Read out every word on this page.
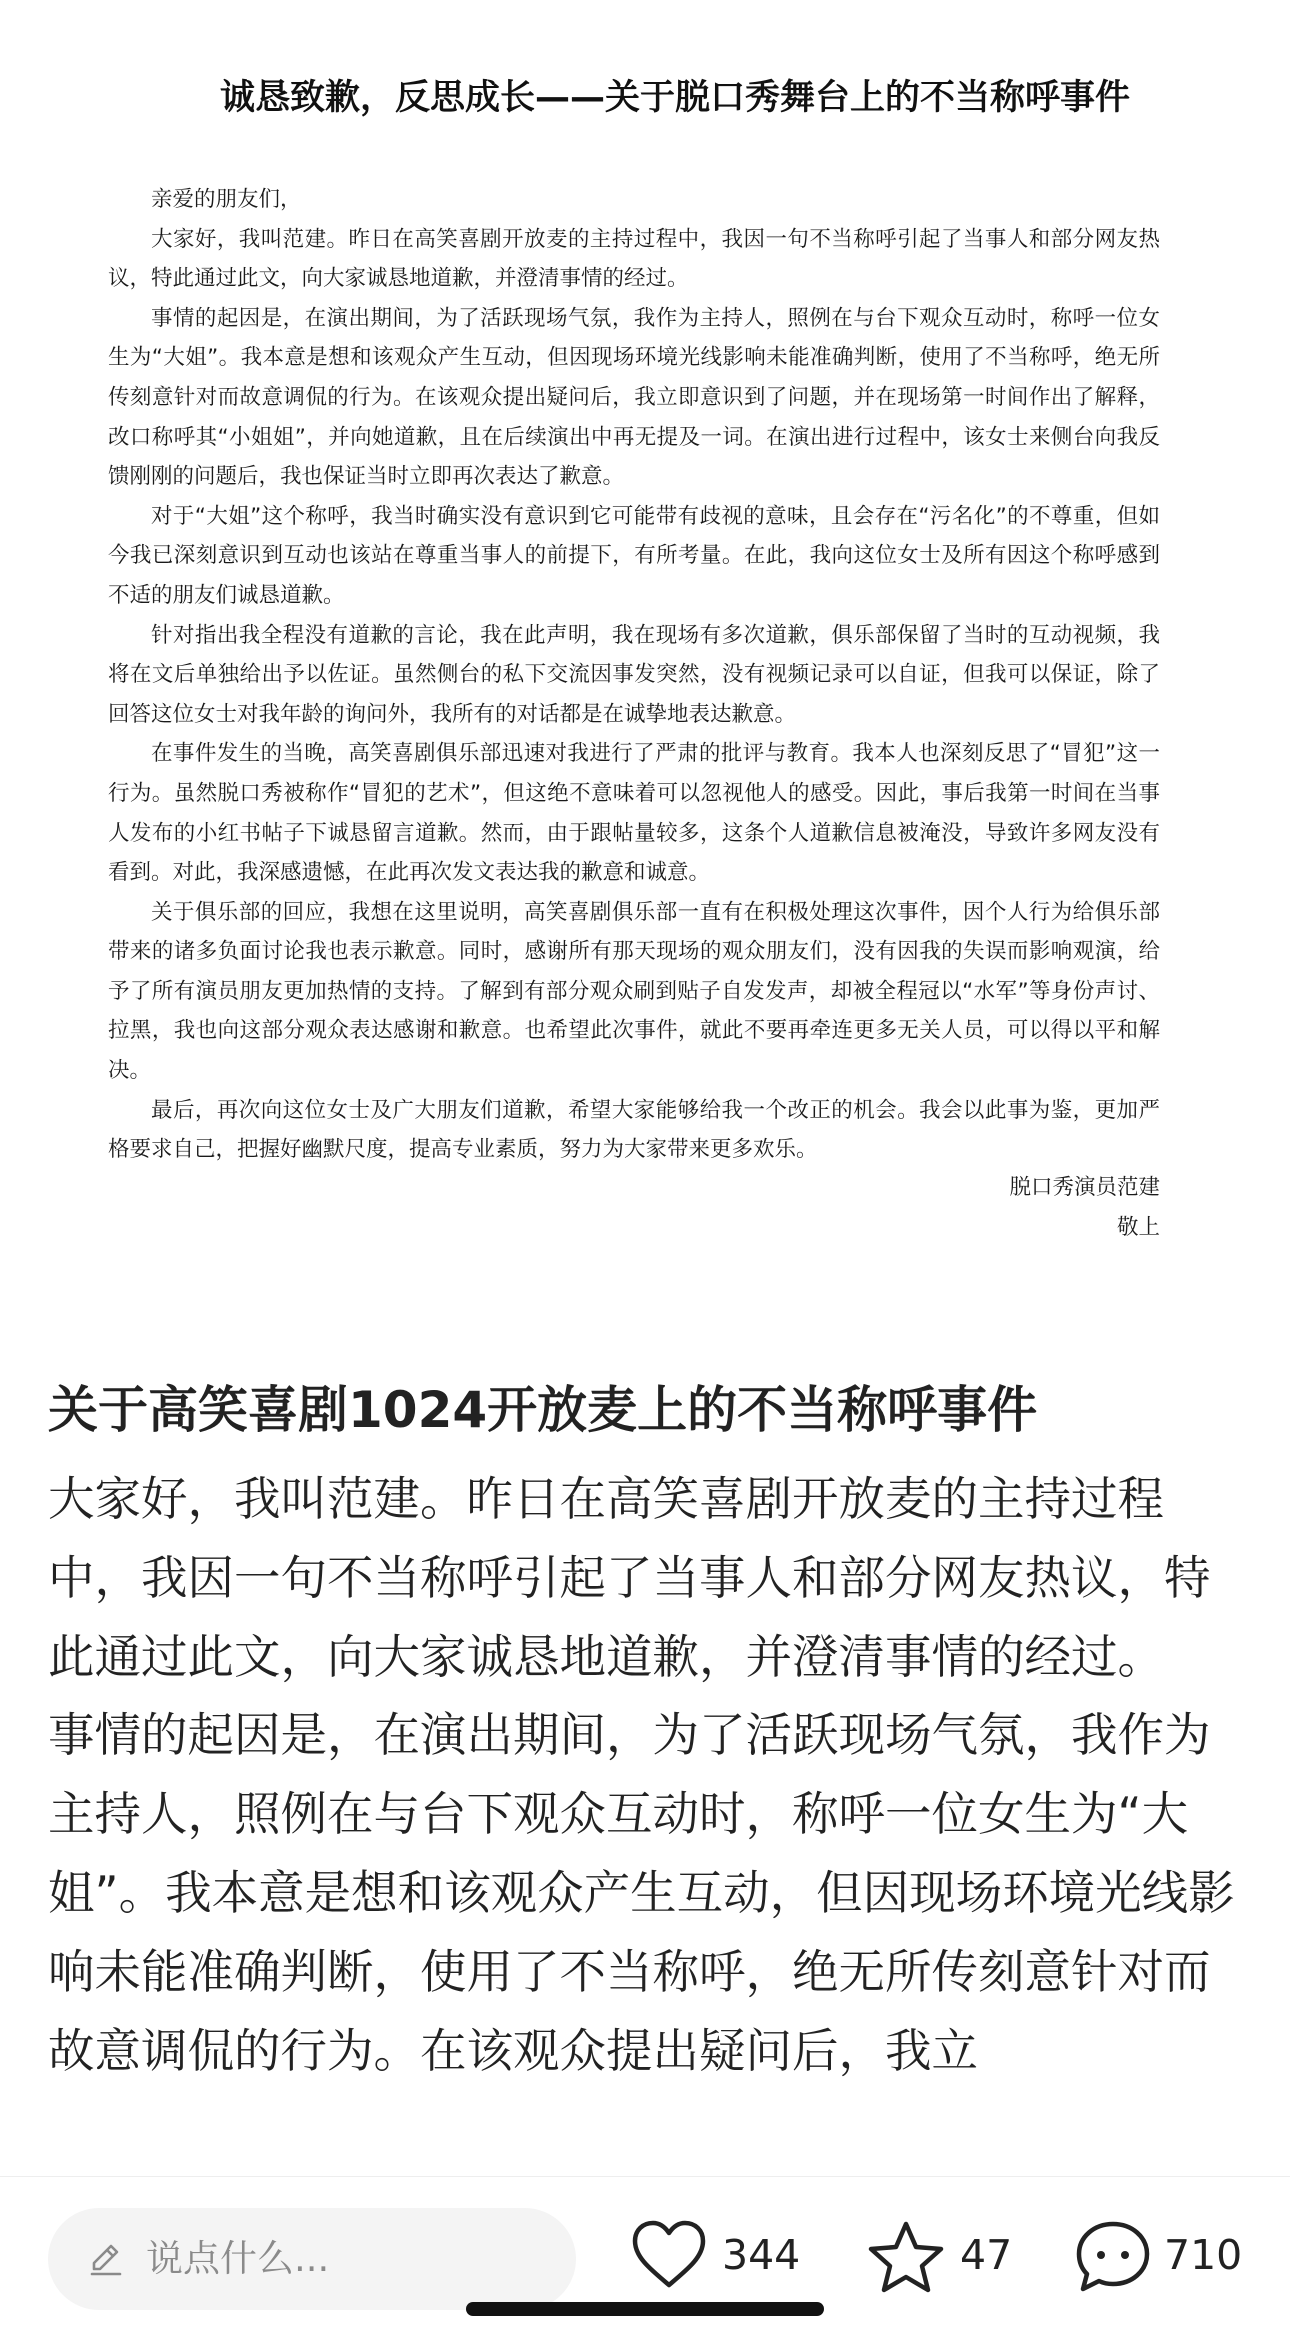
诚恳致歉，反思成长——关于脱口秀舞台上的不当称呼事件

亲爱的朋友们，

大家好，我叫范建。昨日在高笑喜剧开放麦的主持过程中，我因一句不当称呼引起了当事人和部分网友热议，特此通过此文，向大家诚恳地道歉，并澄清事情的经过。

事情的起因是，在演出期间，为了活跃现场气氛，我作为主持人，照例在与台下观众互动时，称呼一位女生为“大姐”。我本意是想和该观众产生互动，但因现场环境光线影响未能准确判断，使用了不当称呼，绝无所传刻意针对而故意调侃的行为。在该观众提出疑问后，我立即意识到了问题，并在现场第一时间作出了解释，改口称呼其“小姐姐”，并向她道歉，且在后续演出中再无提及一词。在演出进行过程中，该女士来侧台向我反馈刚刚的问题后，我也保证当时立即再次表达了歉意。

对于“大姐”这个称呼，我当时确实没有意识到它可能带有歧视的意味，且会存在“污名化”的不尊重，但如今我已深刻意识到互动也该站在尊重当事人的前提下，有所考量。在此，我向这位女士及所有因这个称呼感到不适的朋友们诚恳道歉。

针对指出我全程没有道歉的言论，我在此声明，我在现场有多次道歉，俱乐部保留了当时的互动视频，我将在文后单独给出予以佐证。虽然侧台的私下交流因事发突然，没有视频记录可以自证，但我可以保证，除了回答这位女士对我年龄的询问外，我所有的对话都是在诚挚地表达歉意。

在事件发生的当晚，高笑喜剧俱乐部迅速对我进行了严肃的批评与教育。我本人也深刻反思了“冒犯”这一行为。虽然脱口秀被称作“冒犯的艺术”，但这绝不意味着可以忽视他人的感受。因此，事后我第一时间在当事人发布的小红书帖子下诚恳留言道歉。然而，由于跟帖量较多，这条个人道歉信息被淹没，导致许多网友没有看到。对此，我深感遗憾，在此再次发文表达我的歉意和诚意。

关于俱乐部的回应，我想在这里说明，高笑喜剧俱乐部一直有在积极处理这次事件，因个人行为给俱乐部带来的诸多负面讨论我也表示歉意。同时，感谢所有那天现场的观众朋友们，没有因我的失误而影响观演，给予了所有演员朋友更加热情的支持。了解到有部分观众刷到贴子自发发声，却被全程冠以“水军”等身份声讨、拉黑，我也向这部分观众表达感谢和歉意。也希望此次事件，就此不要再牵连更多无关人员，可以得以平和解决。

最后，再次向这位女士及广大朋友们道歉，希望大家能够给我一个改正的机会。我会以此事为鉴，更加严格要求自己，把握好幽默尺度，提高专业素质，努力为大家带来更多欢乐。

脱口秀演员范建
敬上
关于高笑喜剧1024开放麦上的不当称呼事件

大家好，我叫范建。昨日在高笑喜剧开放麦的主持过程中，我因一句不当称呼引起了当事人和部分网友热议，特此通过此文，向大家诚恳地道歉，并澄清事情的经过。

事情的起因是，在演出期间，为了活跃现场气氛，我作为主持人，照例在与台下观众互动时，称呼一位女生为“大姐”。我本意是想和该观众产生互动，但因现场环境光线影响未能准确判断，使用了不当称呼，绝无所传刻意针对而故意调侃的行为。在该观众提出疑问后，我立

说点什么...	344	47	710
